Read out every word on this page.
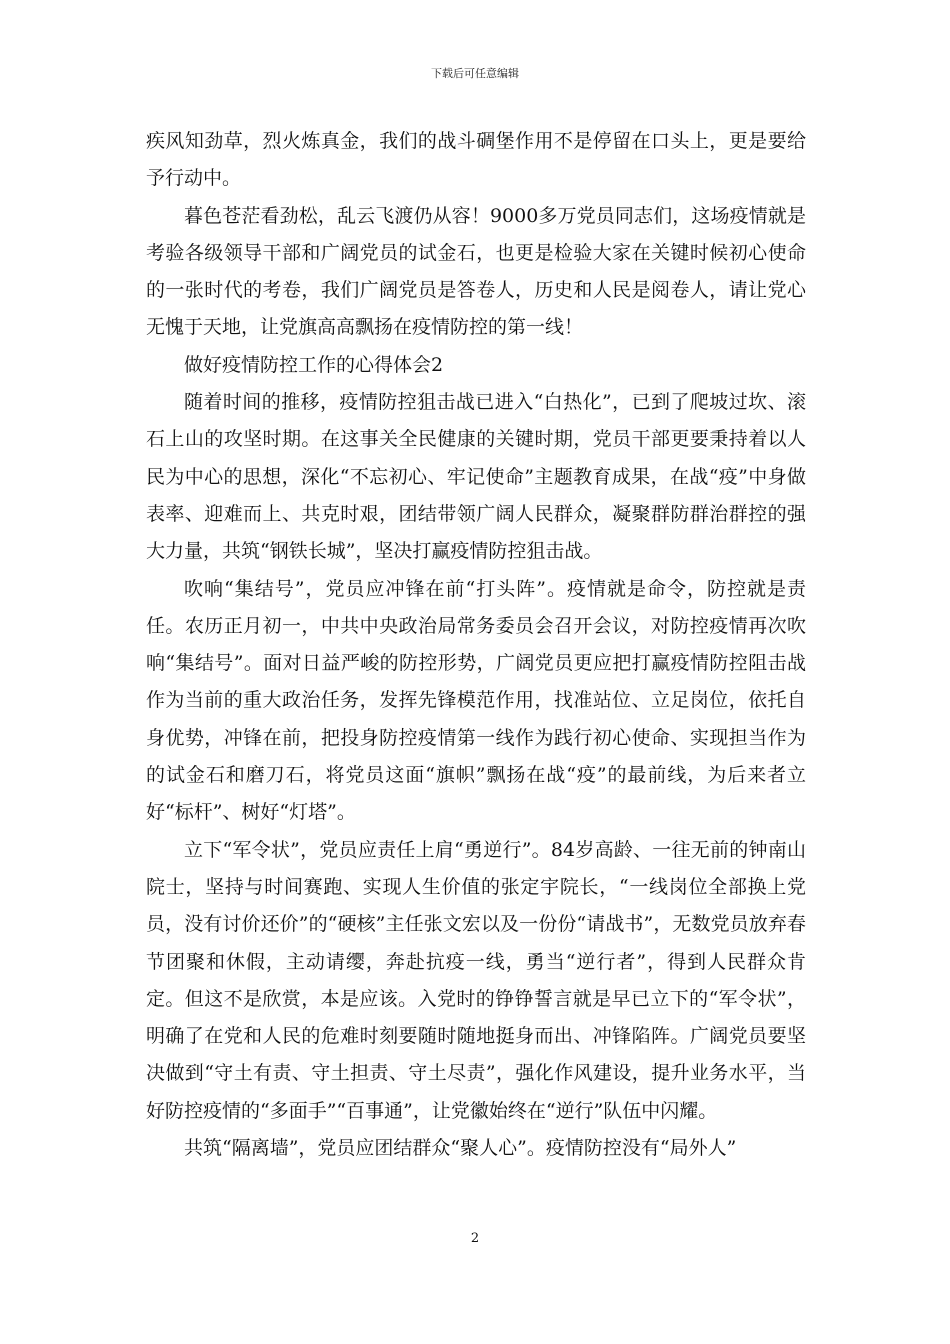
下载后可任意编辑

疾风知劲草，烈火炼真金，我们的战斗碉堡作用不是停留在口头上，更是要给予行动中。

暮色苍茫看劲松，乱云飞渡仍从容！9000多万党员同志们，这场疫情就是考验各级领导干部和广阔党员的试金石，也更是检验大家在关键时候初心使命的一张时代的考卷，我们广阔党员是答卷人，历史和人民是阅卷人，请让党心无愧于天地，让党旗高高飘扬在疫情防控的第一线！

做好疫情防控工作的心得体会2

随着时间的推移，疫情防控狙击战已进入“白热化”，已到了爬坡过坎、滚石上山的攻坚时期。在这事关全民健康的关键时期，党员干部更要秉持着以人民为中心的思想，深化“不忘初心、牢记使命”主题教育成果，在战“疫”中身做表率、迎难而上、共克时艰，团结带领广阔人民群众，凝聚群防群治群控的强大力量，共筑“钢铁长城”，坚决打赢疫情防控狙击战。

吹响“集结号”，党员应冲锋在前“打头阵”。疫情就是命令，防控就是责任。农历正月初一，中共中央政治局常务委员会召开会议，对防控疫情再次吹响“集结号”。面对日益严峻的防控形势，广阔党员更应把打赢疫情防控阻击战作为当前的重大政治任务，发挥先锋模范作用，找准站位、立足岗位，依托自身优势，冲锋在前，把投身防控疫情第一线作为践行初心使命、实现担当作为的试金石和磨刀石，将党员这面“旗帜”飘扬在战“疫”的最前线，为后来者立好“标杆”、树好“灯塔”。

立下“军令状”，党员应责任上肩“勇逆行”。84岁高龄、一往无前的钟南山院士，坚持与时间赛跑、实现人生价值的张定宇院长，“一线岗位全部换上党员，没有讨价还价”的“硬核”主任张文宏以及一份份“请战书”，无数党员放弃春节团聚和休假，主动请缨，奔赴抗疫一线，勇当“逆行者”，得到人民群众肯定。但这不是欣赏，本是应该。入党时的铮铮誓言就是早已立下的“军令状”，明确了在党和人民的危难时刻要随时随地挺身而出、冲锋陷阵。广阔党员要坚决做到“守土有责、守土担责、守土尽责”，强化作风建设，提升业务水平，当好防控疫情的“多面手”“百事通”，让党徽始终在“逆行”队伍中闪耀。

共筑“隔离墙”，党员应团结群众“聚人心”。疫情防控没有“局外人”

2
